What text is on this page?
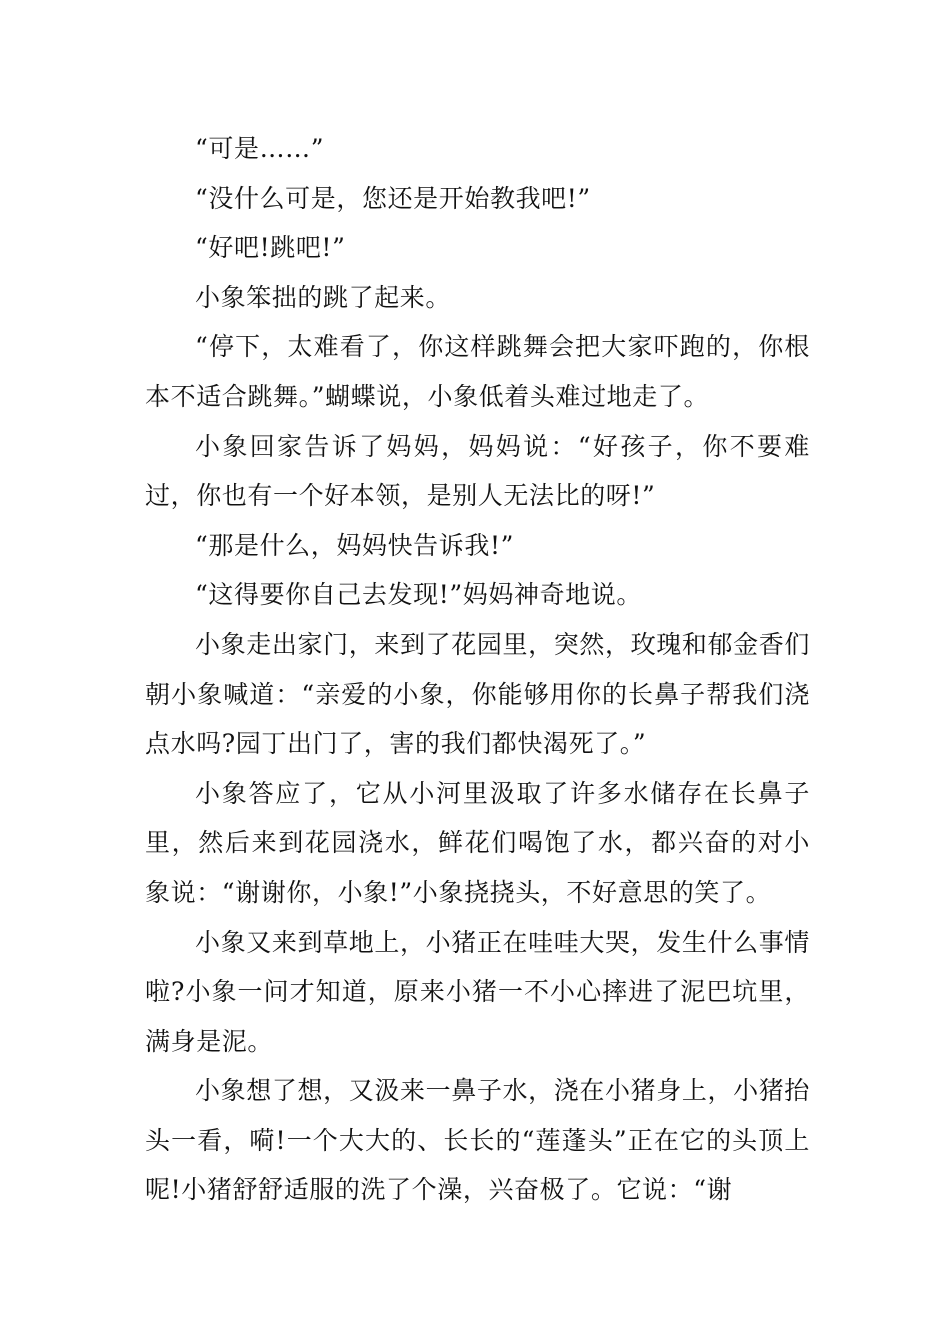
“可是……”

“没什么可是，您还是开始教我吧!”

“好吧!跳吧!”

小象笨拙的跳了起来。

“停下，太难看了，你这样跳舞会把大家吓跑的，你根本不适合跳舞。”蝴蝶说，小象低着头难过地走了。

小象回家告诉了妈妈，妈妈说：“好孩子，你不要难过，你也有一个好本领，是别人无法比的呀!”

“那是什么，妈妈快告诉我!”

“这得要你自己去发现!”妈妈神奇地说。

小象走出家门，来到了花园里，突然，玫瑰和郁金香们朝小象喊道：“亲爱的小象，你能够用你的长鼻子帮我们浇点水吗?园丁出门了，害的我们都快渴死了。”

小象答应了，它从小河里汲取了许多水储存在长鼻子里，然后来到花园浇水，鲜花们喝饱了水，都兴奋的对小象说：“谢谢你，小象!”小象挠挠头，不好意思的笑了。

小象又来到草地上，小猪正在哇哇大哭，发生什么事情啦?小象一问才知道，原来小猪一不小心摔进了泥巴坑里，满身是泥。

小象想了想，又汲来一鼻子水，浇在小猪身上，小猪抬头一看，嗬!一个大大的、长长的“莲蓬头”正在它的头顶上呢!小猪舒舒适服的洗了个澡，兴奋极了。它说：“谢
